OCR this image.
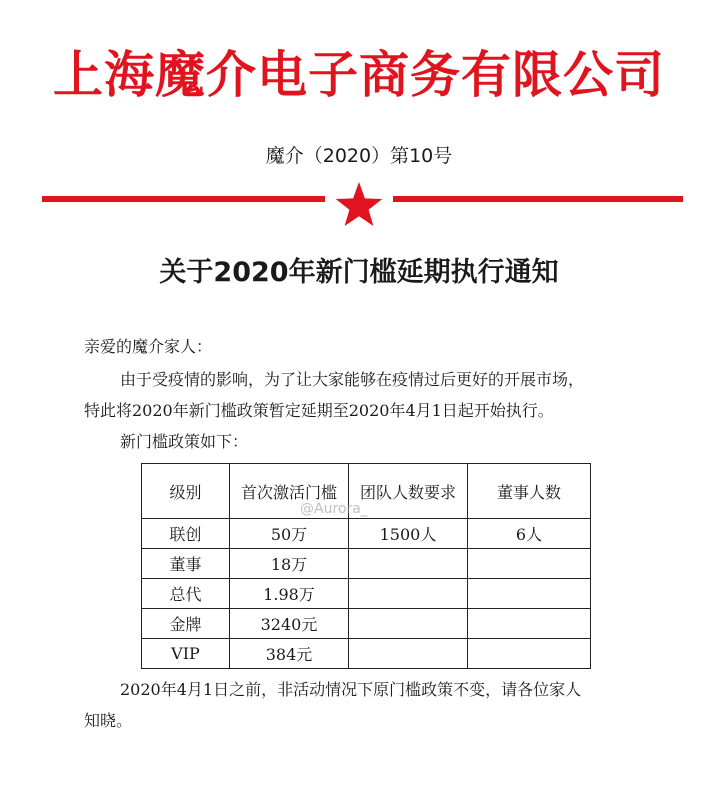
上海魔介电子商务有限公司
魔介（2020）第10号
关于2020年新门槛延期执行通知
亲爱的魔介家人：
由于受疫情的影响，为了让大家能够在疫情过后更好的开展市场，
特此将2020年新门槛政策暂定延期至2020年4月1日起开始执行。
新门槛政策如下：
级别	首次激活门槛	团队人数要求	董事人数
联创	50万	1500人	6人
董事	18万		
总代	1.98万		
金牌	3240元		
VIP	384元		
@Aurora_
2020年4月1日之前，非活动情况下原门槛政策不变，请各位家人
知晓。
